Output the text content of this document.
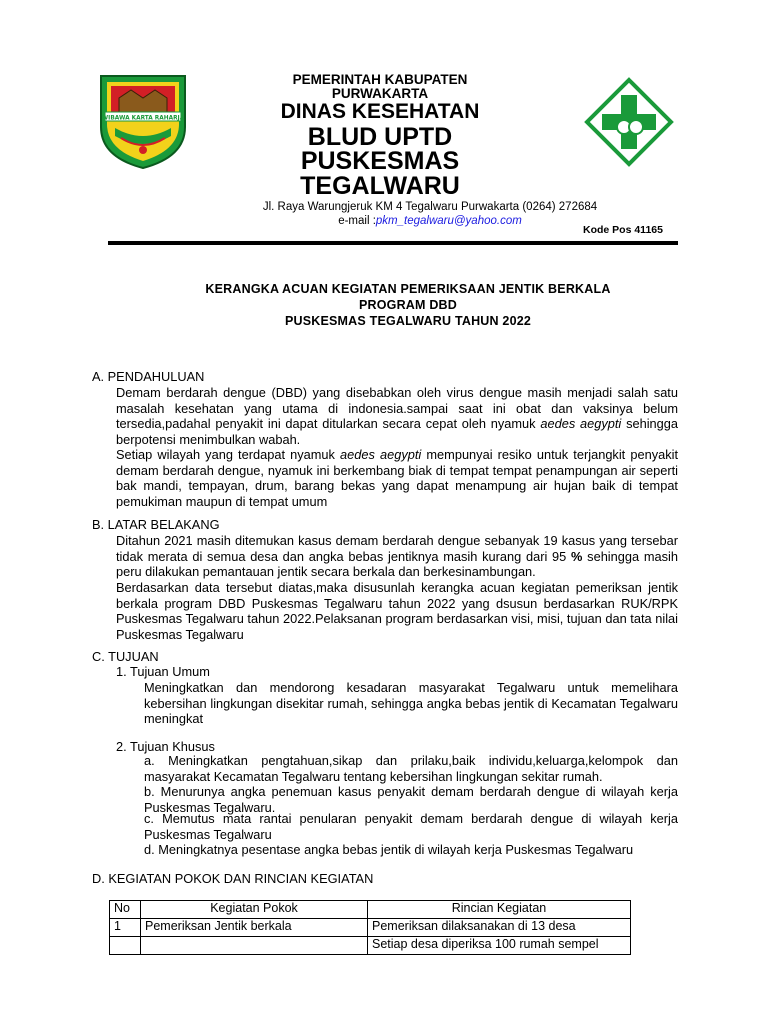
WIBAWA KARTA RAHARJA
PEMERINTAH KABUPATEN
PURWAKARTA
DINAS KESEHATAN
BLUD UPTD
PUSKESMAS
TEGALWARU
Jl. Raya Warungjeruk KM 4 Tegalwaru Purwakarta (0264) 272684
e-mail :pkm_tegalwaru@yahoo.com
Kode Pos 41165
KERANGKA ACUAN KEGIATAN PEMERIKSAAN JENTIK BERKALA
PROGRAM DBD
PUSKESMAS TEGALWARU TAHUN 2022
A. PENDAHULUAN
Demam berdarah dengue (DBD) yang disebabkan oleh virus dengue masih menjadi salah satu masalah kesehatan yang utama di indonesia.sampai saat ini obat dan vaksinya belum tersedia,padahal penyakit ini dapat ditularkan secara cepat oleh nyamuk aedes aegypti sehingga berpotensi menimbulkan wabah.
Setiap wilayah yang terdapat nyamuk aedes aegypti mempunyai resiko untuk terjangkit penyakit demam berdarah dengue, nyamuk ini berkembang biak di tempat tempat penampungan air seperti bak mandi, tempayan, drum, barang bekas yang dapat menampung air hujan baik di tempat pemukiman maupun di tempat umum
B. LATAR BELAKANG
Ditahun 2021 masih ditemukan kasus demam berdarah dengue sebanyak 19 kasus yang tersebar tidak merata di semua desa dan angka bebas jentiknya masih kurang dari 95 % sehingga masih peru dilakukan pemantauan jentik secara berkala dan berkesinambungan.
Berdasarkan data tersebut diatas,maka disusunlah kerangka acuan kegiatan pemeriksan jentik berkala program DBD Puskesmas Tegalwaru tahun 2022 yang dsusun berdasarkan RUK/RPK Puskesmas Tegalwaru tahun 2022.Pelaksanan program berdasarkan visi, misi, tujuan dan tata nilai Puskesmas Tegalwaru
C. TUJUAN
1. Tujuan Umum
Meningkatkan dan mendorong kesadaran masyarakat Tegalwaru untuk memelihara kebersihan lingkungan disekitar rumah, sehingga angka bebas jentik di Kecamatan Tegalwaru meningkat
2. Tujuan Khusus
a. Meningkatkan pengtahuan,sikap dan prilaku,baik individu,keluarga,kelompok dan masyarakat Kecamatan Tegalwaru tentang kebersihan lingkungan sekitar rumah.
b. Menurunya angka penemuan kasus penyakit demam berdarah dengue di wilayah kerja Puskesmas Tegalwaru.
c. Memutus mata rantai penularan penyakit demam berdarah dengue di wilayah kerja Puskesmas Tegalwaru
d. Meningkatnya pesentase angka bebas jentik di wilayah kerja Puskesmas Tegalwaru
D. KEGIATAN POKOK DAN RINCIAN KEGIATAN
No	Kegiatan Pokok	Rincian Kegiatan
1	Pemeriksan Jentik berkala	Pemeriksan dilaksanakan di 13 desa
		Setiap desa diperiksa 100 rumah sempel
